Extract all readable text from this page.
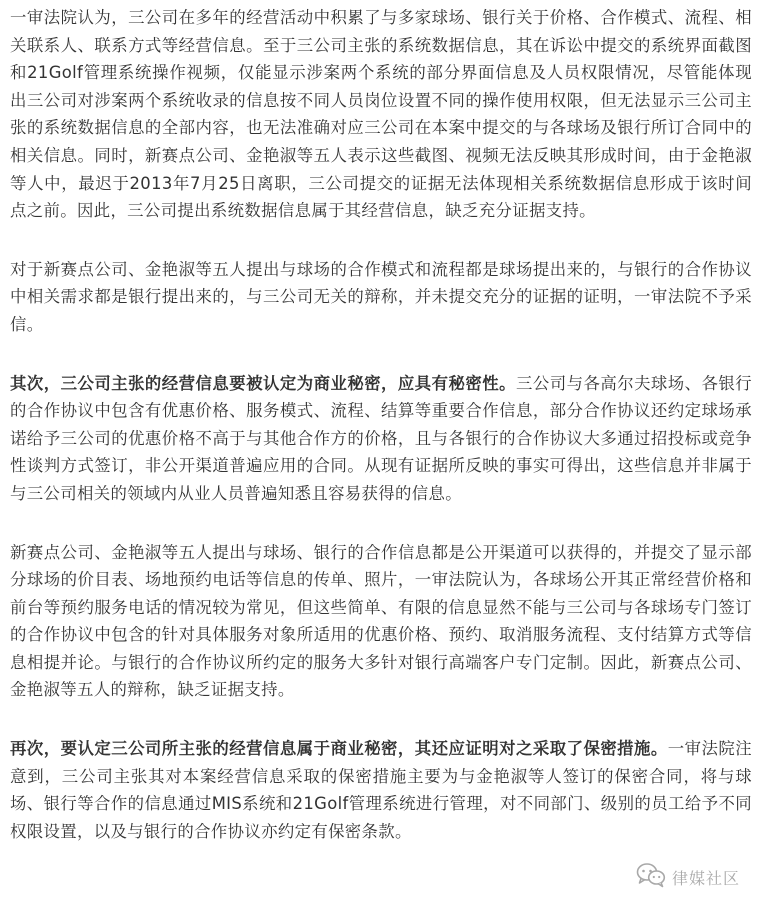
一审法院认为，三公司在多年的经营活动中积累了与多家球场、银行关于价格、合作模式、流程、相关联系人、联系方式等经营信息。至于三公司主张的系统数据信息，其在诉讼中提交的系统界面截图和21Golf管理系统操作视频，仅能显示涉案两个系统的部分界面信息及人员权限情况，尽管能体现出三公司对涉案两个系统收录的信息按不同人员岗位设置不同的操作使用权限，但无法显示三公司主张的系统数据信息的全部内容，也无法准确对应三公司在本案中提交的与各球场及银行所订合同中的相关信息。同时，新赛点公司、金艳淑等五人表示这些截图、视频无法反映其形成时间，由于金艳淑等人中，最迟于2013年7月25日离职，三公司提交的证据无法体现相关系统数据信息形成于该时间点之前。因此，三公司提出系统数据信息属于其经营信息，缺乏充分证据支持。

对于新赛点公司、金艳淑等五人提出与球场的合作模式和流程都是球场提出来的，与银行的合作协议中相关需求都是银行提出来的，与三公司无关的辩称，并未提交充分的证据的证明，一审法院不予采信。

其次，三公司主张的经营信息要被认定为商业秘密，应具有秘密性。三公司与各高尔夫球场、各银行的合作协议中包含有优惠价格、服务模式、流程、结算等重要合作信息，部分合作协议还约定球场承诺给予三公司的优惠价格不高于与其他合作方的价格，且与各银行的合作协议大多通过招投标或竞争性谈判方式签订，非公开渠道普遍应用的合同。从现有证据所反映的事实可得出，这些信息并非属于与三公司相关的领域内从业人员普遍知悉且容易获得的信息。

新赛点公司、金艳淑等五人提出与球场、银行的合作信息都是公开渠道可以获得的，并提交了显示部分球场的价目表、场地预约电话等信息的传单、照片，一审法院认为，各球场公开其正常经营价格和前台等预约服务电话的情况较为常见，但这些简单、有限的信息显然不能与三公司与各球场专门签订的合作协议中包含的针对具体服务对象所适用的优惠价格、预约、取消服务流程、支付结算方式等信息相提并论。与银行的合作协议所约定的服务大多针对银行高端客户专门定制。因此，新赛点公司、金艳淑等五人的辩称，缺乏证据支持。

再次，要认定三公司所主张的经营信息属于商业秘密，其还应证明对之采取了保密措施。一审法院注意到，三公司主张其对本案经营信息采取的保密措施主要为与金艳淑等人签订的保密合同，将与球场、银行等合作的信息通过MIS系统和21Golf管理系统进行管理，对不同部门、级别的员工给予不同权限设置，以及与银行的合作协议亦约定有保密条款。

律媒社区
